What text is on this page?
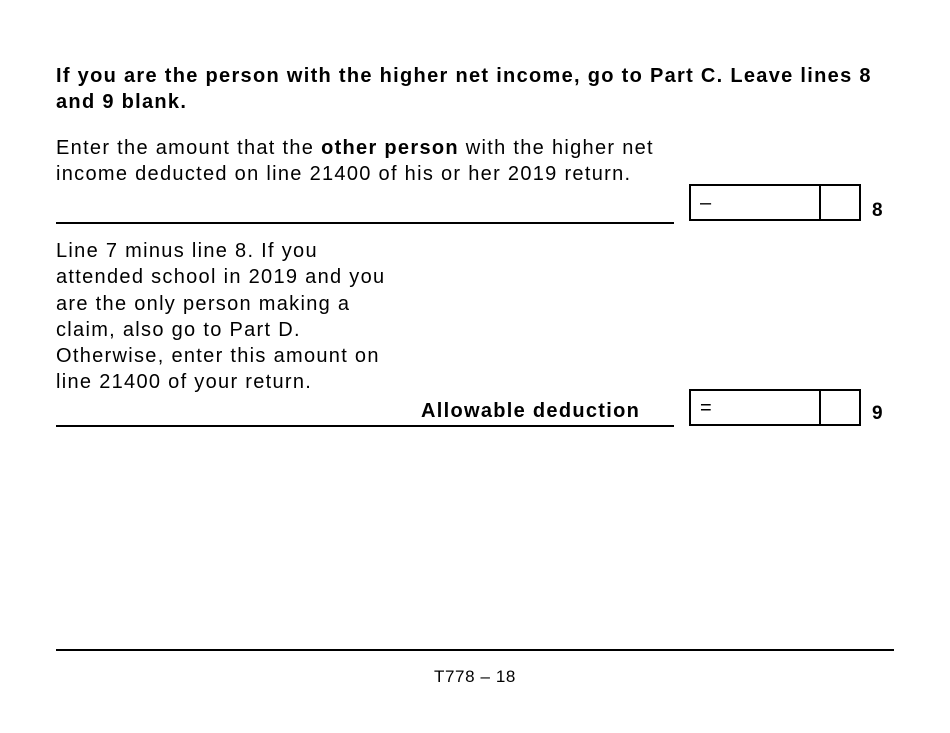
If you are the person with the higher net income, go to Part C. Leave lines 8 and 9 blank.

Enter the amount that the other person with the higher net income deducted on line 21400 of his or her 2019 return.
–	8
Line 7 minus line 8. If you attended school in 2019 and you are the only person making a claim, also go to Part D. Otherwise, enter this amount on line 21400 of your return.
Allowable deduction	=	9
T778 – 18
